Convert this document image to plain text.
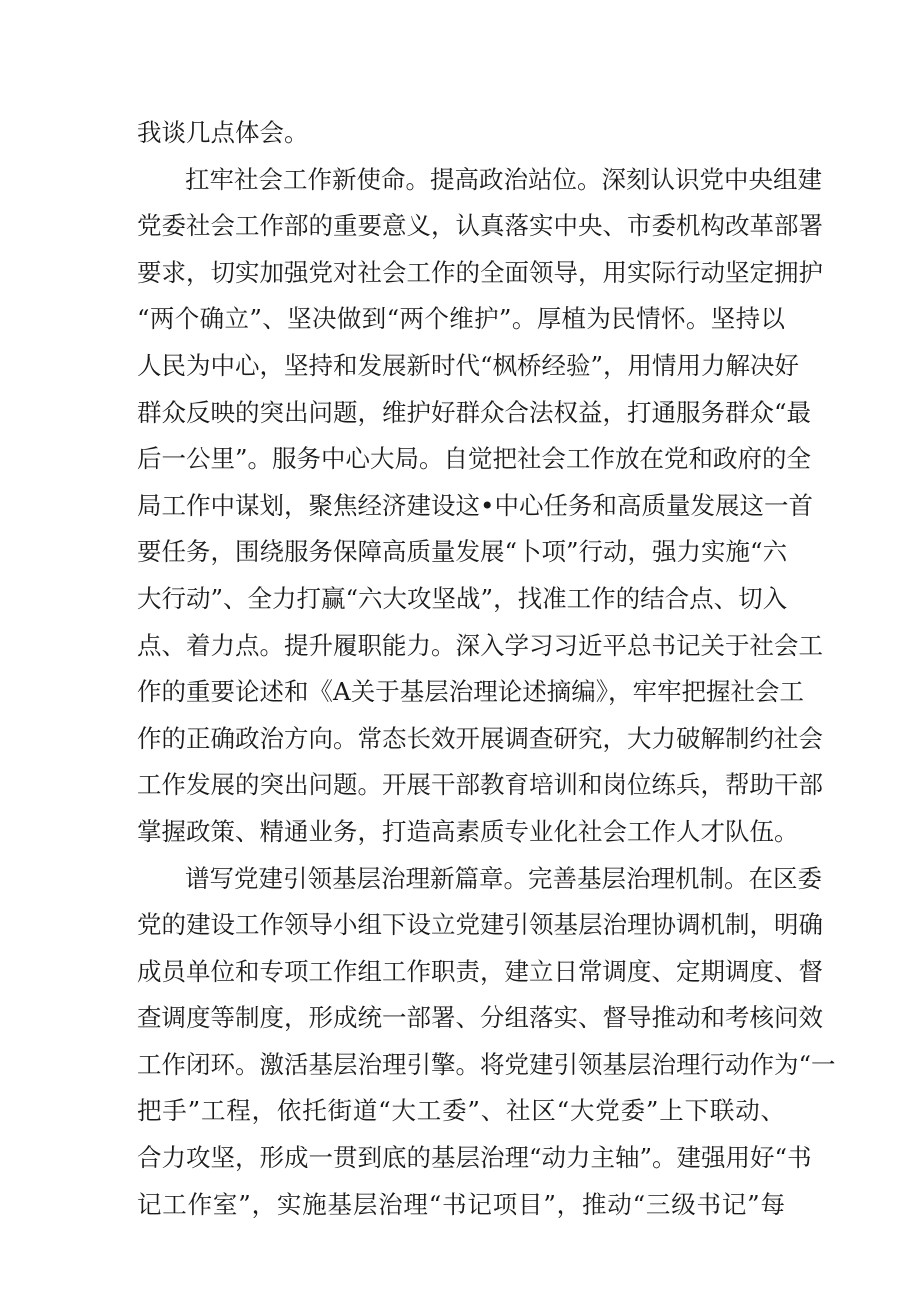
我谈几点体会。
扛牢社会工作新使命。提高政治站位。深刻认识党中央组建
党委社会工作部的重要意义，认真落实中央、市委机构改革部署
要求，切实加强党对社会工作的全面领导，用实际行动坚定拥护
“两个确立”、坚决做到“两个维护”。厚植为民情怀。坚持以
人民为中心，坚持和发展新时代“枫桥经验”，用情用力解决好
群众反映的突出问题，维护好群众合法权益，打通服务群众“最
后一公里”。服务中心大局。自觉把社会工作放在党和政府的全
局工作中谋划，聚焦经济建设这•中心任务和高质量发展这一首
要任务，围绕服务保障高质量发展“卜项”行动，强力实施“六
大行动”、全力打赢“六大攻坚战”，找准工作的结合点、切入
点、着力点。提升履职能力。深入学习习近平总书记关于社会工
作的重要论述和《A关于基层治理论述摘编》，牢牢把握社会工
作的正确政治方向。常态长效开展调查研究，大力破解制约社会
工作发展的突出问题。开展干部教育培训和岗位练兵，帮助干部
掌握政策、精通业务，打造高素质专业化社会工作人才队伍。
谱写党建引领基层治理新篇章。完善基层治理机制。在区委
党的建设工作领导小组下设立党建引领基层治理协调机制，明确
成员单位和专项工作组工作职责，建立日常调度、定期调度、督
查调度等制度，形成统一部署、分组落实、督导推动和考核问效
工作闭环。激活基层治理引擎。将党建引领基层治理行动作为“一
把手”工程，依托街道“大工委”、社区“大党委”上下联动、
合力攻坚，形成一贯到底的基层治理“动力主轴”。建强用好“书
记工作室”，实施基层治理“书记项目”，推动“三级书记”每
